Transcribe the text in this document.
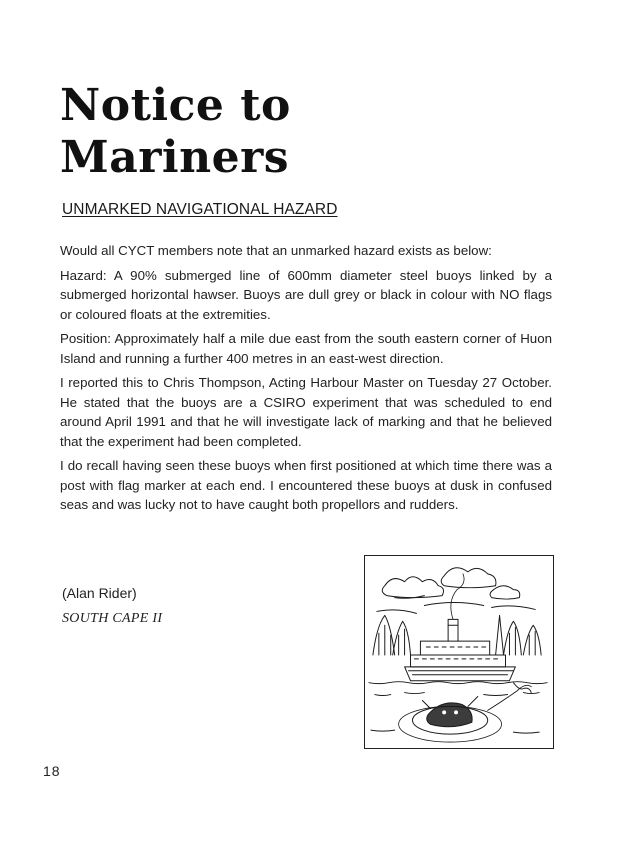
Notice to
Mariners
UNMARKED NAVIGATIONAL HAZARD

Would all CYCT members note that an unmarked hazard exists as below:

Hazard: A 90% submerged line of 600mm diameter steel buoys linked by a submerged horizontal hawser. Buoys are dull grey or black in colour with NO flags or coloured floats at the extremities.

Position: Approximately half a mile due east from the south eastern corner of Huon Island and running a further 400 metres in an east-west direction.

I reported this to Chris Thompson, Acting Harbour Master on Tuesday 27 October. He stated that the buoys are a CSIRO experiment that was scheduled to end around April 1991 and that he will investigate lack of marking and that he believed that the experiment had been completed.

I do recall having seen these buoys when first positioned at which time there was a post with flag marker at each end. I encountered these buoys at dusk in confused seas and was lucky not to have caught both propellors and rudders.

(Alan Rider)
SOUTH CAPE II
18
